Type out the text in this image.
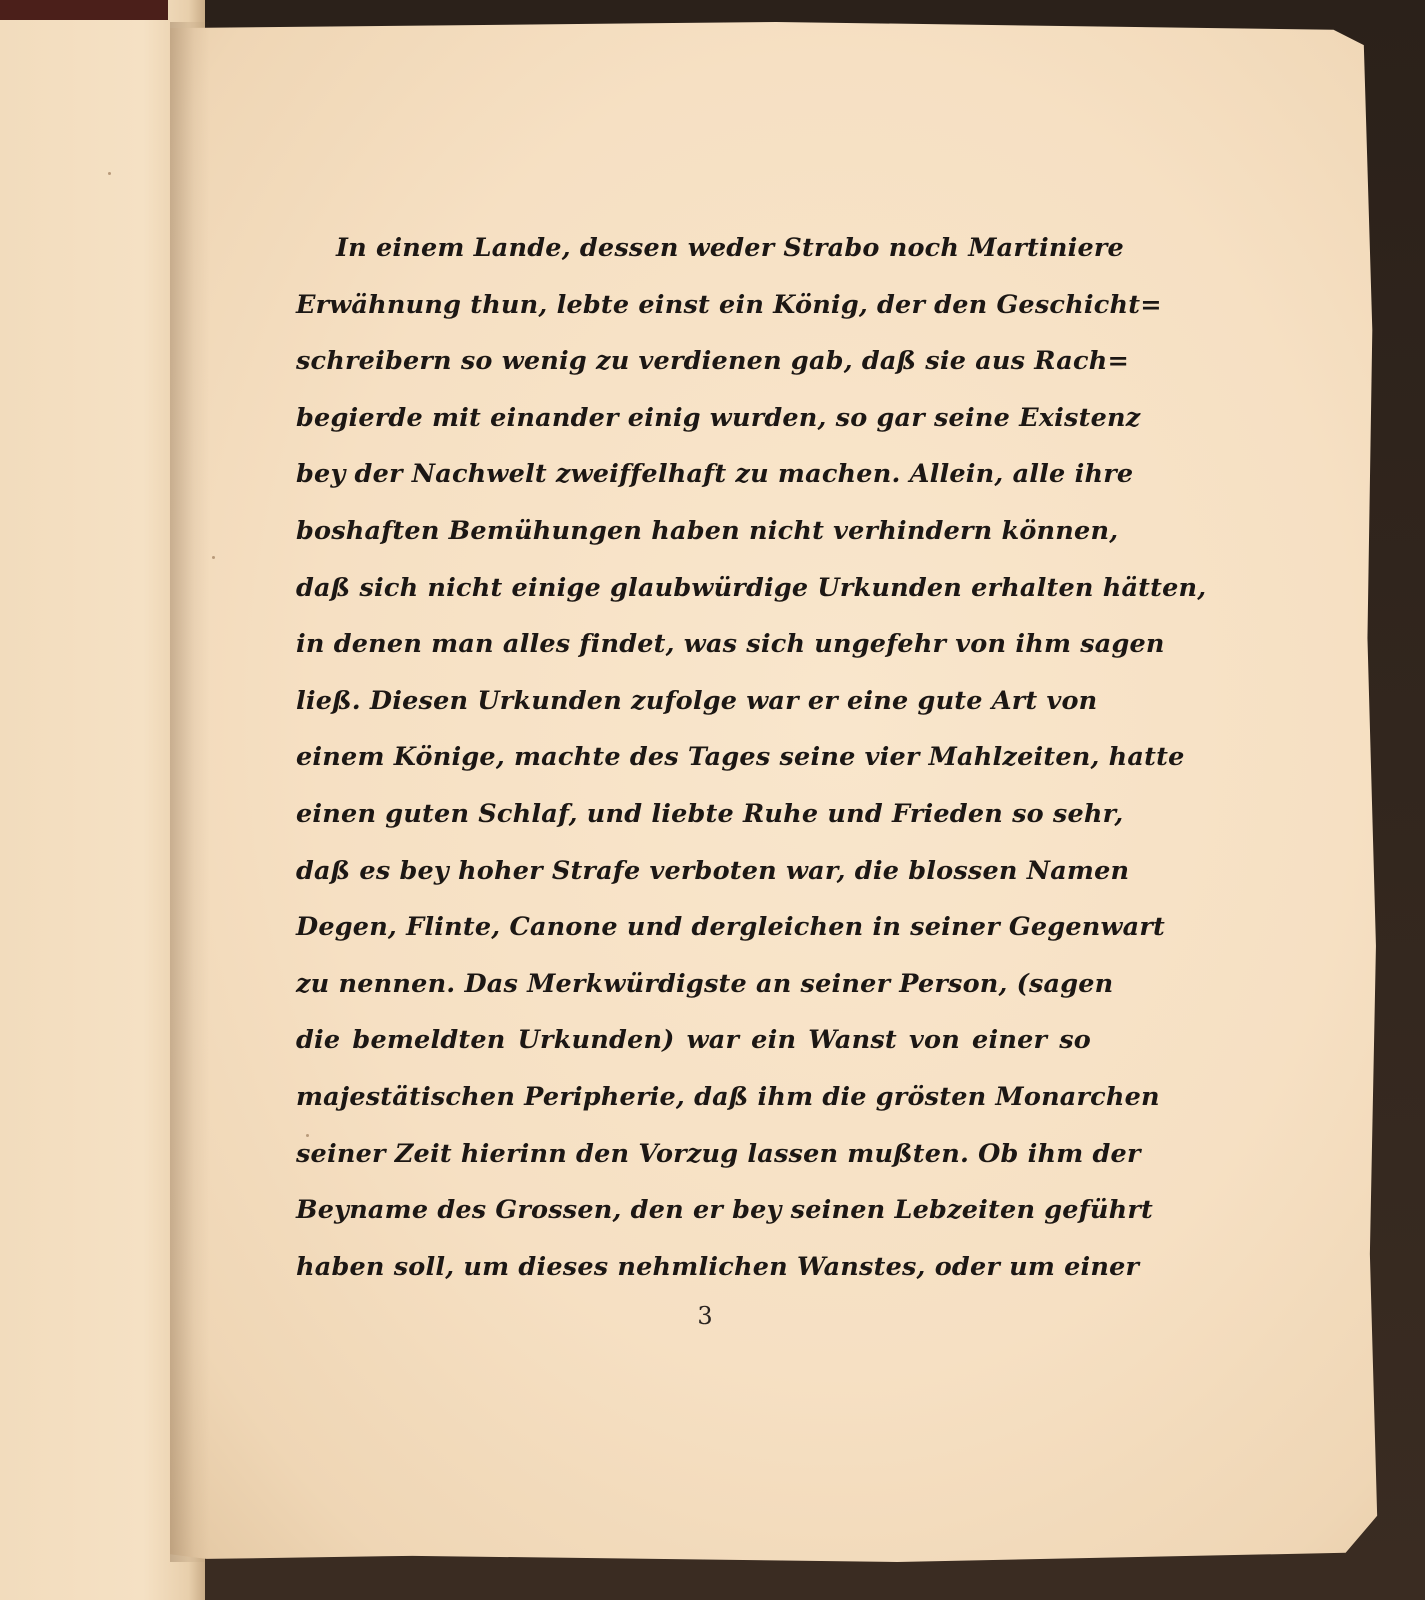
In einem Lande, dessen weder Strabo noch Martiniere
Erwähnung thun, lebte einst ein König, der den Geschicht=
schreibern so wenig zu verdienen gab, daß sie aus Rach=
begierde mit einander einig wurden, so gar seine Existenz
bey der Nachwelt zweiffelhaft zu machen. Allein, alle ihre
boshaften Bemühungen haben nicht verhindern können,
daß sich nicht einige glaubwürdige Urkunden erhalten hätten,
in denen man alles findet, was sich ungefehr von ihm sagen
ließ. Diesen Urkunden zufolge war er eine gute Art von
einem Könige, machte des Tages seine vier Mahlzeiten, hatte
einen guten Schlaf, und liebte Ruhe und Frieden so sehr,
daß es bey hoher Strafe verboten war, die blossen Namen
Degen, Flinte, Canone und dergleichen in seiner Gegenwart
zu nennen. Das Merkwürdigste an seiner Person, (sagen
die bemeldten Urkunden) war ein Wanst von einer so
majestätischen Peripherie, daß ihm die grösten Monarchen
seiner Zeit hierinn den Vorzug lassen mußten. Ob ihm der
Beyname des Grossen, den er bey seinen Lebzeiten geführt
haben soll, um dieses nehmlichen Wanstes, oder um einer
3
